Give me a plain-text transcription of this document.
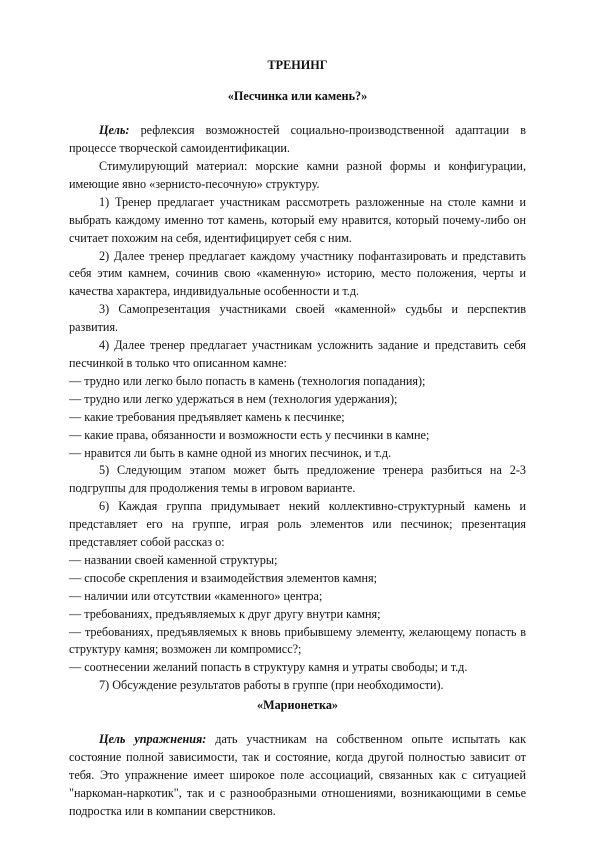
ТРЕНИНГ

«Песчинка или камень?»

Цель: рефлексия возможностей социально-производственной адаптации в процессе творческой самоидентификации.

Стимулирующий материал: морские камни разной формы и конфигурации, имеющие явно «зернисто-песочную» структуру.

1) Тренер предлагает участникам рассмотреть разложенные на столе камни и выбрать каждому именно тот камень, который ему нравится, который почему-либо он считает похожим на себя, идентифицирует себя с ним.

2) Далее тренер предлагает каждому участнику пофантазировать и представить себя этим камнем, сочинив свою «каменную» историю, место положения, черты и качества характера, индивидуальные особенности и т.д.

3) Самопрезентация участниками своей «каменной» судьбы и перспектив развития.

4) Далее тренер предлагает участникам усложнить задание и представить себя песчинкой в только что описанном камне:

— трудно или легко было попасть в камень (технология попадания);

— трудно или легко удержаться в нем (технология удержания);

— какие требования предъявляет камень к песчинке;

— какие права, обязанности и возможности есть у песчинки в камне;

— нравится ли быть в камне одной из многих песчинок, и т.д.

5) Следующим этапом может быть предложение тренера разбиться на 2-3 подгруппы для продолжения темы в игровом варианте.

6) Каждая группа придумывает некий коллективно-структурный камень и представляет его на группе, играя роль элементов или песчинок; презентация представляет собой рассказ о:

— названии своей каменной структуры;

— способе скрепления и взаимодействия элементов камня;

— наличии или отсутствии «каменного» центра;

— требованиях, предъявляемых к друг другу внутри камня;

— требованиях, предъявляемых к вновь прибывшему элементу, желающему попасть в структуру камня; возможен ли компромисс?;

— соотнесении желаний попасть в структуру камня и утраты свободы; и т.д.

7) Обсуждение результатов работы в группе (при необходимости).

«Марионетка»

Цель упражнения: дать участникам на собственном опыте испытать как состояние полной зависимости, так и состояние, когда другой полностью зависит от тебя. Это упражнение имеет широкое поле ассоциаций, связанных как с ситуацией "наркоман-наркотик", так и с разнообразными отношениями, возникающими в семье подростка или в компании сверстников.
